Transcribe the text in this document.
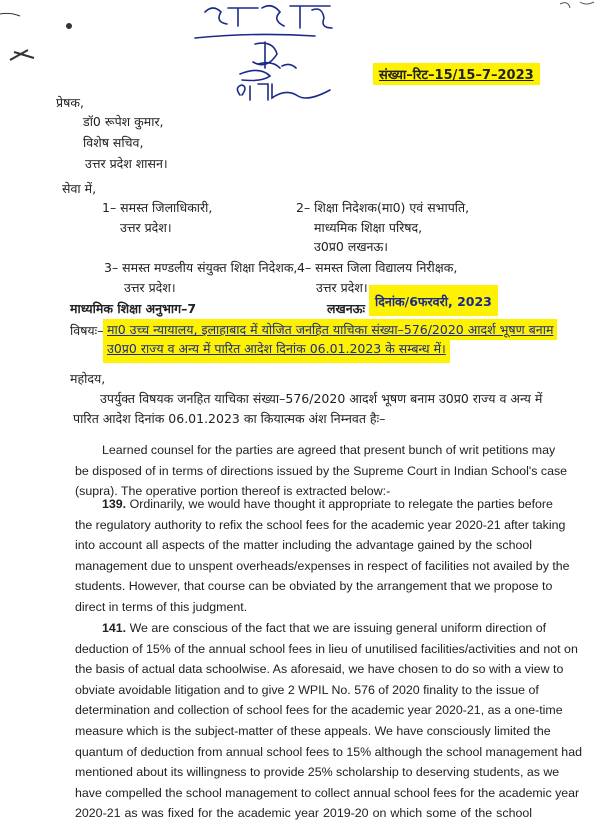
संख्या–रिट–15/15–7–2023
प्रेषक,
डॉ0 रूपेश कुमार,
विशेष सचिव,
उत्तर प्रदेश शासन।
सेवा में,
1– समस्त जिलाधिकारी,
उत्तर प्रदेश।
2– शिक्षा निदेशक(मा0) एवं सभापति,
माध्यमिक शिक्षा परिषद,
उ0प्र0 लखनऊ।
3– समस्त मण्डलीय संयुक्त शिक्षा निदेशक,
उत्तर प्रदेश।
4– समस्त जिला विद्यालय निरीक्षक,
उत्तर प्रदेश।
माध्यमिक शिक्षा अनुभाग–7	लखनऊः दिनांक/6फरवरी, 2023
विषयः– मा0 उच्च न्यायालय, इलाहाबाद में योजित जनहित याचिका संख्या–576/2020 आदर्श भूषण बनाम
उ0प्र0 राज्य व अन्य में पारित आदेश दिनांक 06.01.2023 के सम्बन्ध में।
महोदय,
उपर्युक्त विषयक जनहित याचिका संख्या–576/2020 आदर्श भूषण बनाम उ0प्र0 राज्य व अन्य में
पारित आदेश दिनांक 06.01.2023 का कियात्मक अंश निम्नवत हैः–
Learned counsel for the parties are agreed that present bunch of writ petitions may
be disposed of in terms of directions issued by the Supreme Court in Indian School's case
(supra). The operative portion thereof is extracted below:-
139. Ordinarily, we would have thought it appropriate to relegate the parties before
the regulatory authority to refix the school fees for the academic year 2020-21 after taking
into account all aspects of the matter including the advantage gained by the school
management due to unspent overheads/expenses in respect of facilities not availed by the
students. However, that course can be obviated by the arrangement that we propose to
direct in terms of this judgment.
141. We are conscious of the fact that we are issuing general uniform direction of
deduction of 15% of the annual school fees in lieu of unutilised facilities/activities and not on
the basis of actual data schoolwise. As aforesaid, we have chosen to do so with a view to
obviate avoidable litigation and to give 2 WPIL No. 576 of 2020 finality to the issue of
determination and collection of school fees for the academic year 2020-21, as a one-time
measure which is the subject-matter of these appeals. We have consciously limited the
quantum of deduction from annual school fees to 15% although the school management had
mentioned about its willingness to provide 25% scholarship to deserving students, as we
have compelled the school management to collect annual school fees for the academic year
2020-21 as was fixed for the academic year 2019-20 on which some of the school
